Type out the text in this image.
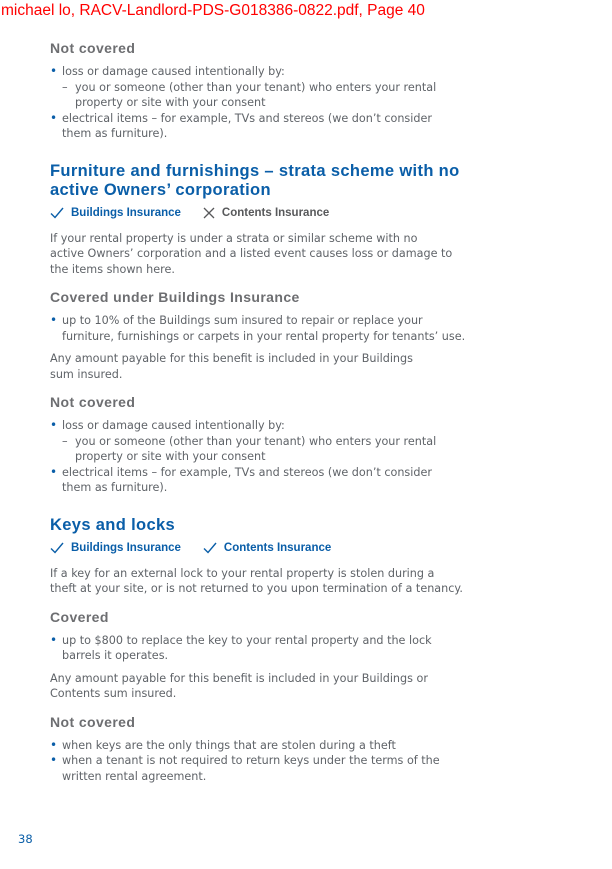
michael lo, RACV-Landlord-PDS-G018386-0822.pdf, Page 40
Not covered
• loss or damage caused intentionally by:
– you or someone (other than your tenant) who enters your rental
property or site with your consent
• electrical items – for example, TVs and stereos (we don’t consider
them as furniture).
Furniture and furnishings – strata scheme with no
active Owners’ corporation
Buildings Insurance	Contents Insurance

If your rental property is under a strata or similar scheme with no
active Owners’ corporation and a listed event causes loss or damage to
the items shown here.

Covered under Buildings Insurance
• up to 10% of the Buildings sum insured to repair or replace your
furniture, furnishings or carpets in your rental property for tenants’ use.

Any amount payable for this benefit is included in your Buildings
sum insured.

Not covered
• loss or damage caused intentionally by:
– you or someone (other than your tenant) who enters your rental
property or site with your consent
• electrical items – for example, TVs and stereos (we don’t consider
them as furniture).
Keys and locks
Buildings Insurance	Contents Insurance

If a key for an external lock to your rental property is stolen during a
theft at your site, or is not returned to you upon termination of a tenancy.

Covered
• up to $800 to replace the key to your rental property and the lock
barrels it operates.

Any amount payable for this benefit is included in your Buildings or
Contents sum insured.

Not covered
• when keys are the only things that are stolen during a theft
• when a tenant is not required to return keys under the terms of the
written rental agreement.
38
